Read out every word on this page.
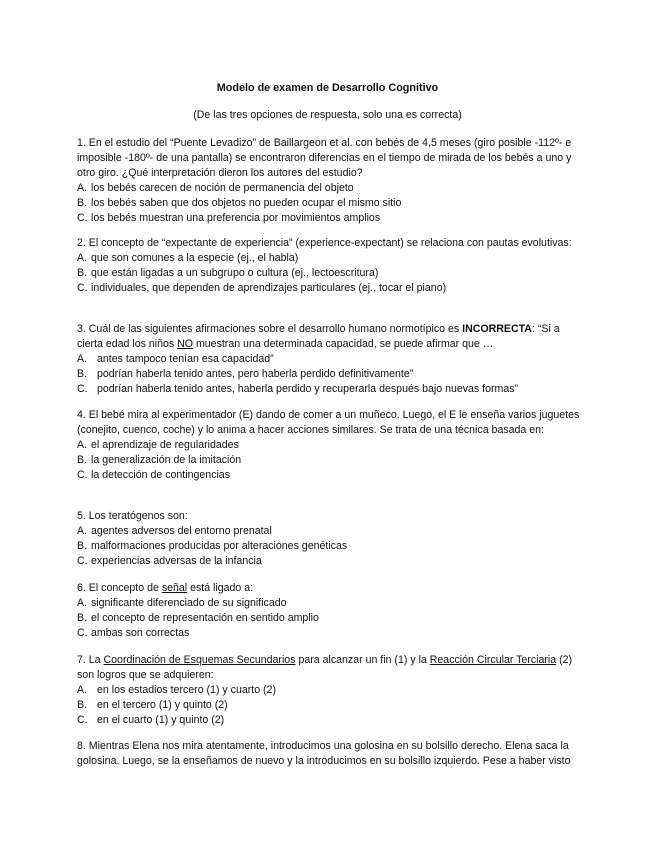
Modelo de examen de Desarrollo Cognitivo
(De las tres opciones de respuesta, solo una es correcta)

1. En el estudio del “Puente Levadizo” de Baillargeon et al. con bebés de 4,5 meses (giro posible -112º- e imposible -180º- de una pantalla) se encontraron diferencias en el tiempo de mirada de los bebés a uno y otro giro. ¿Qué interpretación dieron los autores del estudio?

A. los bebés carecen de noción de permanencia del objeto

B. los bebés saben que dos objetos no pueden ocupar el mismo sitio

C. los bebés muestran una preferencia por movimientos amplios

2. El concepto de “expectante de experiencia” (experience-expectant) se relaciona con pautas evolutivas:

A. que son comunes a la especie (ej., el habla)

B. que están ligadas a un subgrupo o cultura (ej., lectoescritura)

C. individuales, que dependen de aprendizajes particulares (ej., tocar el piano)

3. Cuál de las siguientes afirmaciones sobre el desarrollo humano normotípico es INCORRECTA: “Si a cierta edad los niños NO muestran una determinada capacidad, se puede afirmar que …

A. antes tampoco tenían esa capacidad”

B. podrían haberla tenido antes, pero haberla perdido definitivamente”

C. podrían haberla tenido antes, haberla perdido y recuperarla después bajo nuevas formas”

4. El bebé mira al experimentador (E) dando de comer a un muñeco. Luego, el E le enseña varios juguetes (conejito, cuenco, coche) y lo anima a hacer acciones similares. Se trata de una técnica basada en:

A. el aprendizaje de regularidades

B. la generalización de la imitación

C. la detección de contingencias

5. Los teratógenos son:

A. agentes adversos del entorno prenatal

B. malformaciones producidas por alteraciones genéticas

C. experiencias adversas de la infancia

6. El concepto de señal está ligado a:

A. significante diferenciado de su significado

B. el concepto de representación en sentido amplio

C. ambas son correctas

7. La Coordinación de Esquemas Secundarios para alcanzar un fin (1) y la Reacción Circular Terciaria (2) son logros que se adquieren:

A. en los estadios tercero (1) y cuarto (2)

B. en el tercero (1) y quinto (2)

C. en el cuarto (1) y quinto (2)

8. Mientras Elena nos mira atentamente, introducimos una golosina en su bolsillo derecho. Elena saca la golosina. Luego, se la enseñamos de nuevo y la introducimos en su bolsillo izquierdo. Pese a haber visto
